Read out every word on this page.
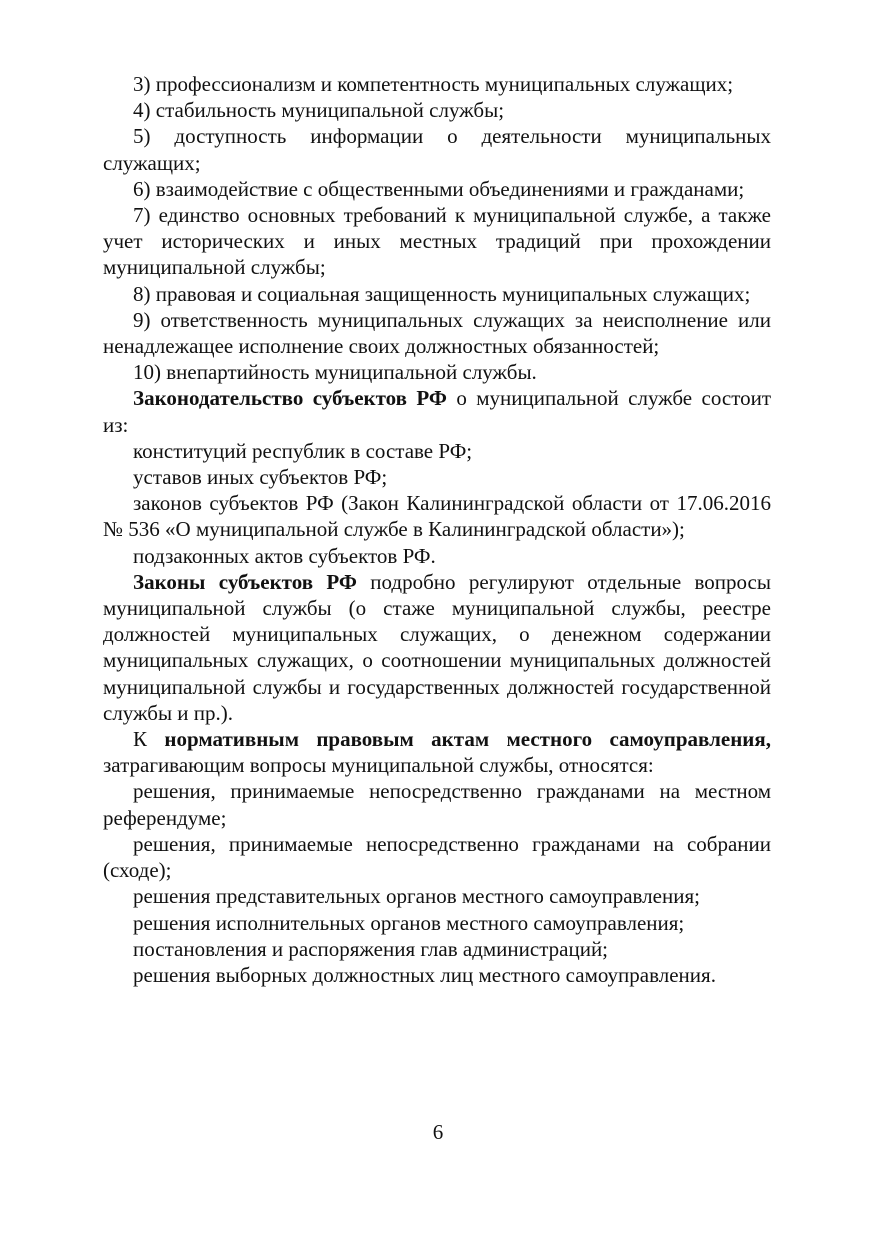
3) профессионализм и компетентность муниципальных служащих;

4) стабильность муниципальной службы;

5) доступность информации о деятельности муниципальных служащих;

6) взаимодействие с общественными объединениями и гражданами;

7) единство основных требований к муниципальной службе, а также учет исторических и иных местных традиций при прохождении муниципальной службы;

8) правовая и социальная защищенность муниципальных служащих;

9) ответственность муниципальных служащих за неисполнение или ненадлежащее исполнение своих должностных обязанностей;

10) внепартийность муниципальной службы.

Законодательство субъектов РФ о муниципальной службе состоит из:

конституций республик в составе РФ;

уставов иных субъектов РФ;

законов субъектов РФ (Закон Калининградской области от 17.06.2016 № 536 «О муниципальной службе в Калининградской области»);

подзаконных актов субъектов РФ.

Законы субъектов РФ подробно регулируют отдельные вопросы муниципальной службы (о стаже муниципальной службы, реестре должностей муниципальных служащих, о денежном содержании муниципальных служащих, о соотношении муниципальных должностей муниципальной службы и государственных должностей государственной службы и пр.).

К нормативным правовым актам местного самоуправления, затрагивающим вопросы муниципальной службы, относятся:

решения, принимаемые непосредственно гражданами на местном референдуме;

решения, принимаемые непосредственно гражданами на собрании (сходе);

решения представительных органов местного самоуправления;

решения исполнительных органов местного самоуправления;

постановления и распоряжения глав администраций;

решения выборных должностных лиц местного самоуправления.

6
